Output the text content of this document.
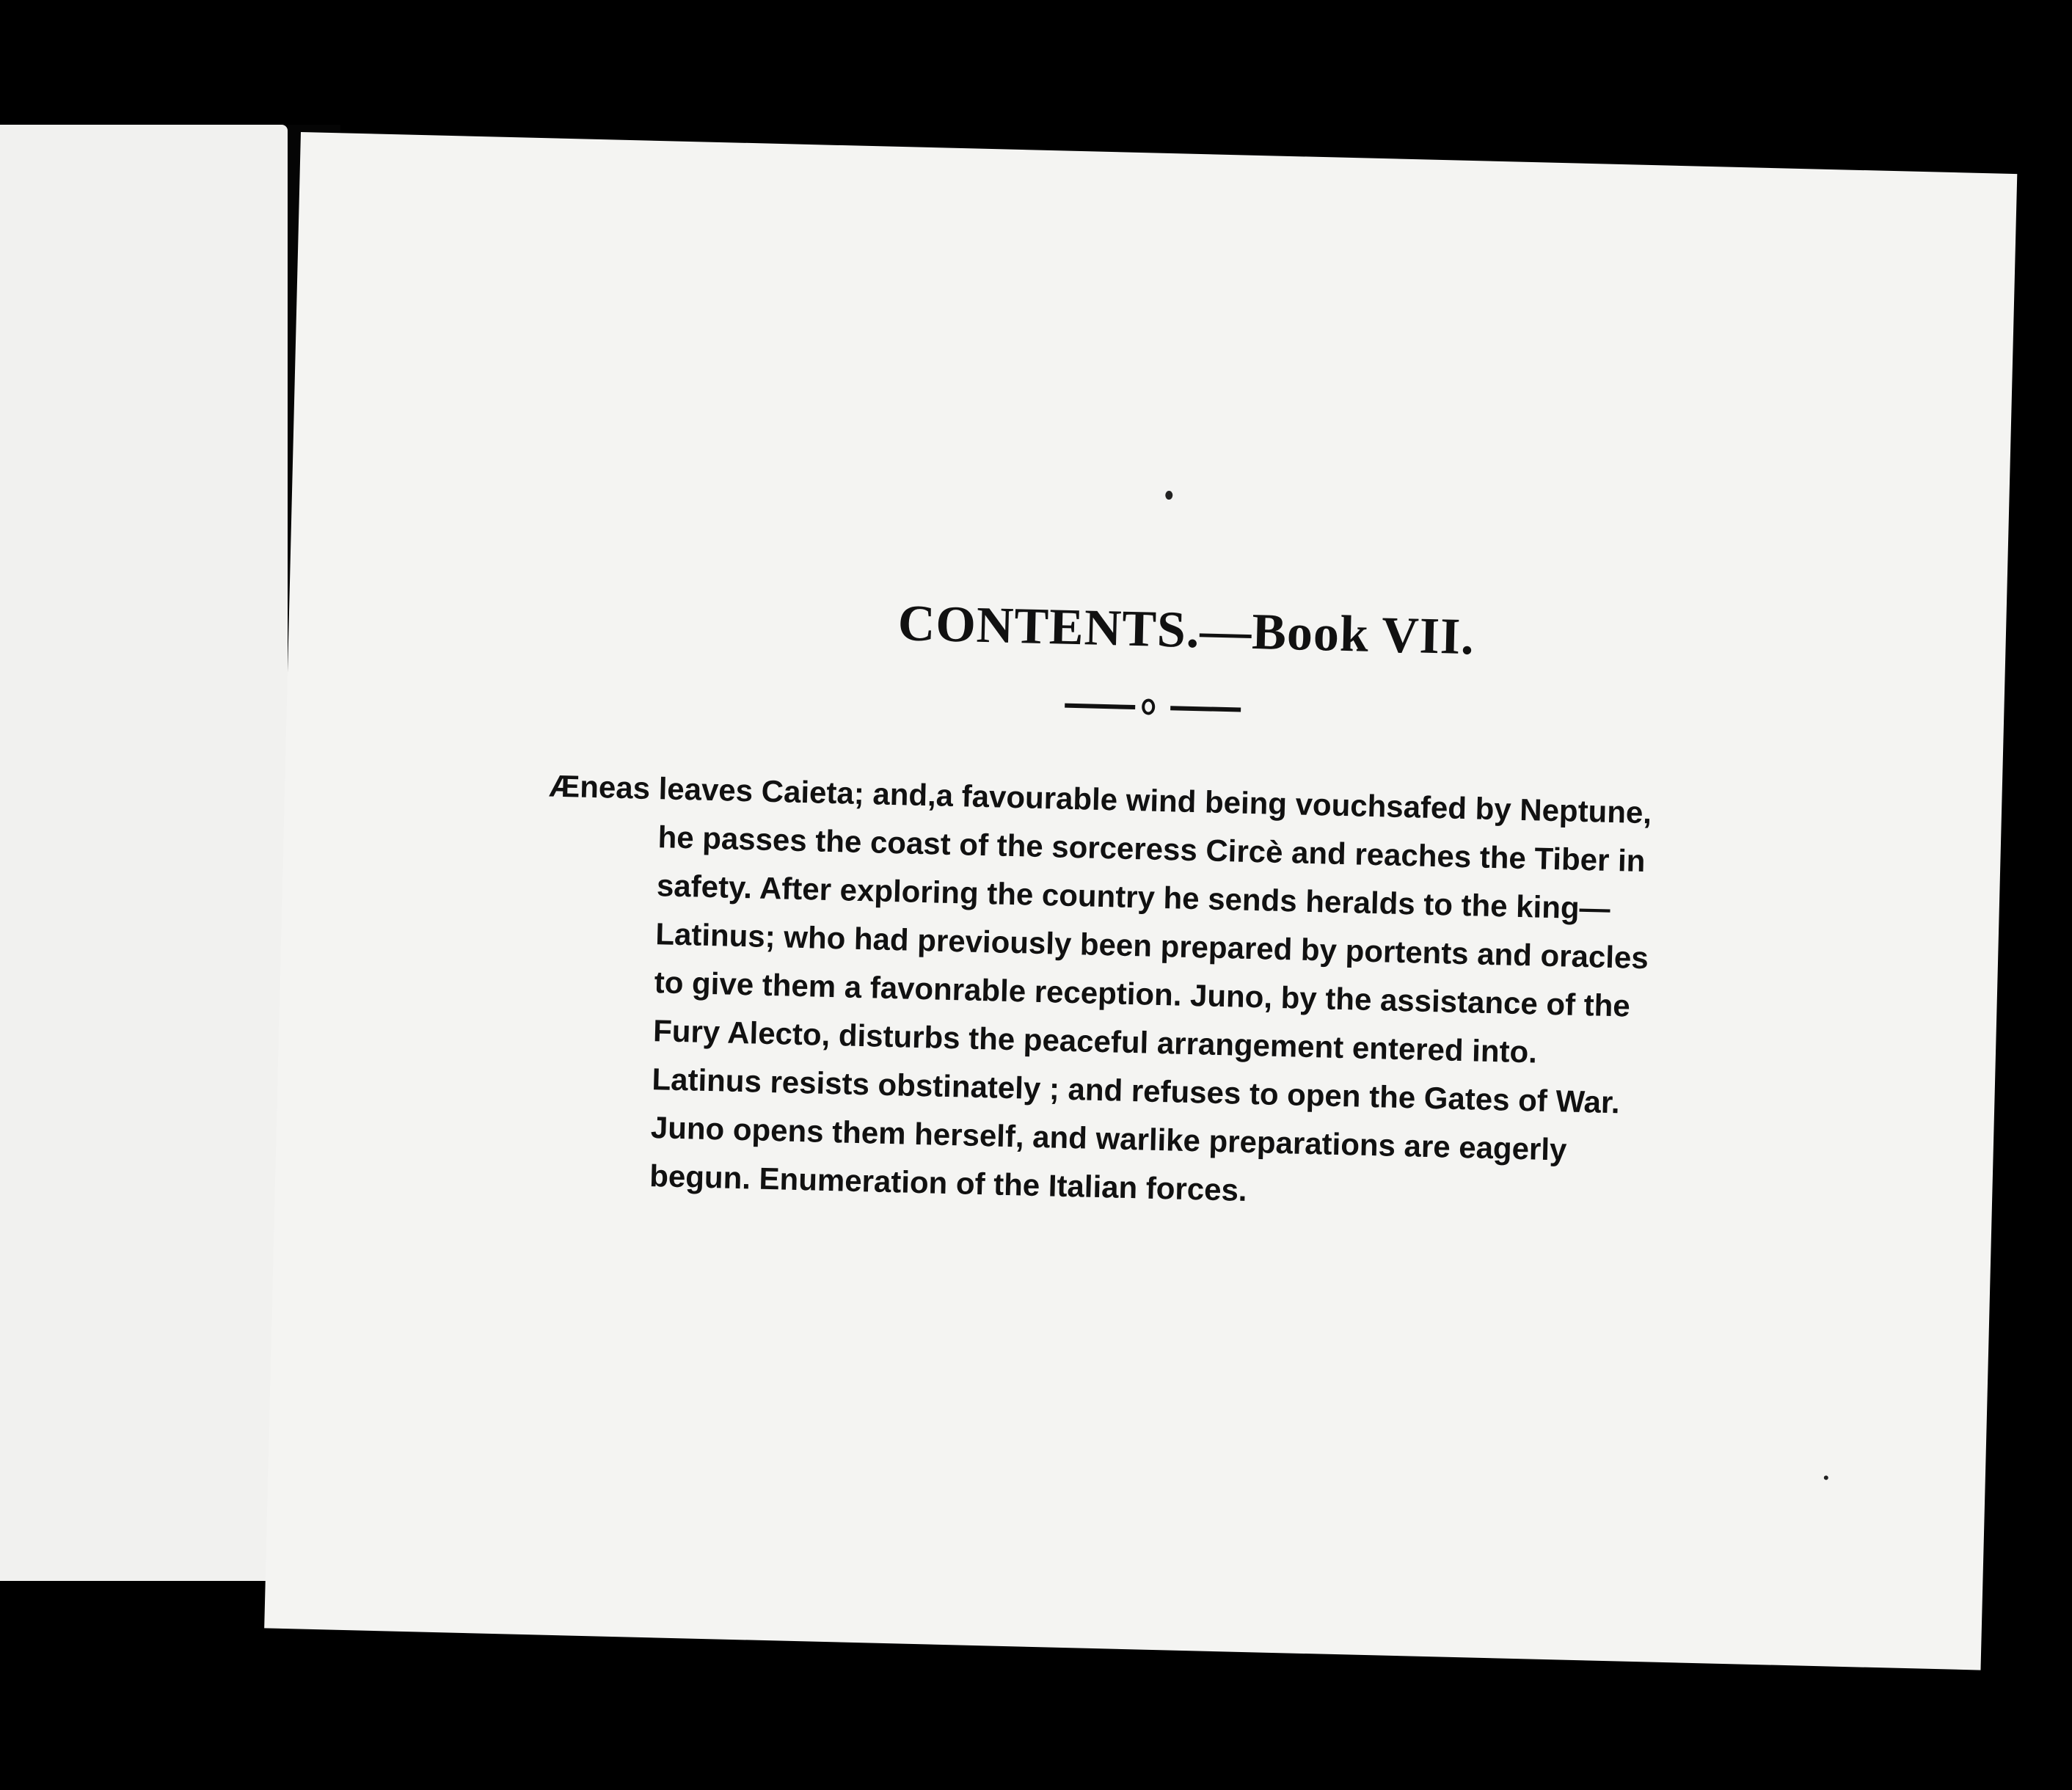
CONTENTS.—Book VII.
Æneas leaves Caieta; and,a favourable wind being vouchsafed by Neptune,
he passes the coast of the sorceress Circè and reaches the Tiber in
safety. After exploring the country he sends heralds to the king—
Latinus; who had previously been prepared by portents and oracles
to give them a favonrable reception. Juno, by the assistance of the
Fury Alecto, disturbs the peaceful arrangement entered into.
Latinus resists obstinately ; and refuses to open the Gates of War.
Juno opens them herself, and warlike preparations are eagerly
begun. Enumeration of the Italian forces.
